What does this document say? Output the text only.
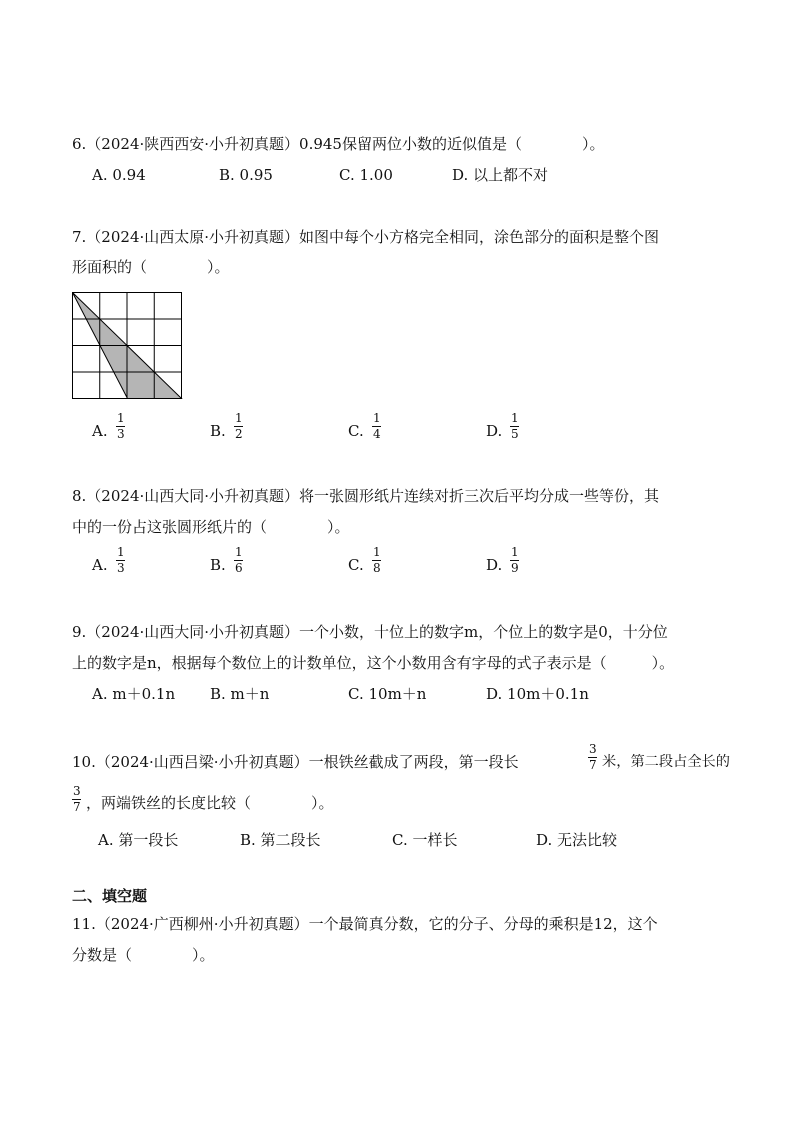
6.（2024·陕西西安·小升初真题）0.945保留两位小数的近似值是（　　　　）。
A. 0.94	B. 0.95	C. 1.00	D. 以上都不对
7.（2024·山西太原·小升初真题）如图中每个小方格完全相同，涂色部分的面积是整个图
形面积的（　　　　）。
A.
1
3	B.
1
2	C.
1
4	D.
1
5
8.（2024·山西大同·小升初真题）将一张圆形纸片连续对折三次后平均分成一些等份，其
中的一份占这张圆形纸片的（　　　　）。
A.
1
3	B.
1
6	C.
1
8	D.
1
9
9.（2024·山西大同·小升初真题）一个小数，十位上的数字m，个位上的数字是0，十分位
上的数字是n，根据每个数位上的计数单位，这个小数用含有字母的式子表示是（　　　）。
A. m＋0.1n B. m＋n	C. 10m＋n	D. 10m＋0.1n
10.（2024·山西吕梁·小升初真题）一根铁丝截成了两段，第一段长
3
7 米，第二段占全长的
3
7 ，两端铁丝的长度比较（　　　　）。
A. 第一段长	B. 第二段长	C. 一样长	D. 无法比较
二、填空题
11.（2024·广西柳州·小升初真题）一个最简真分数，它的分子、分母的乘积是12，这个
分数是（　　　　）。
